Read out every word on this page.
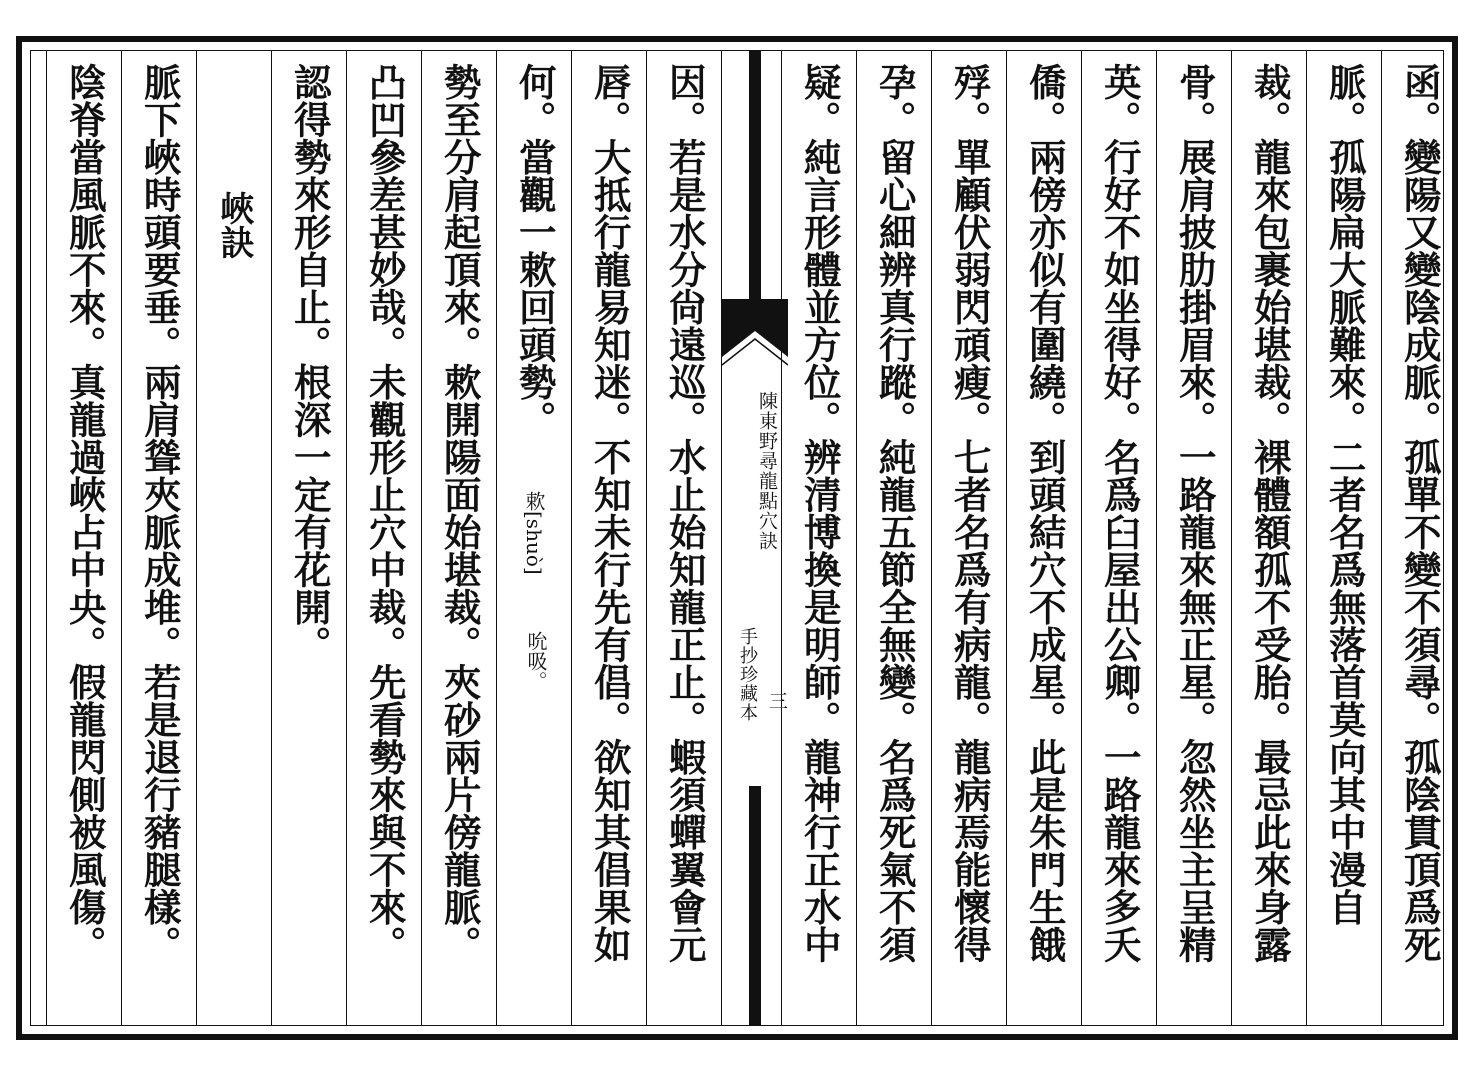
函。變陽又變陰成脈。孤單不變不須尋。孤陰貫頂爲死
脈。孤陽扁大脈難來。二者名爲無落首莫向其中漫自
裁。龍來包裹始堪裁。裸體額孤不受胎。最忌此來身露
骨。展肩披肋掛眉來。一路龍來無正星。忽然坐主呈精
英。行好不如坐得好。名爲臼屋出公卿。一路龍來多夭
僑。兩傍亦似有圍繞。到頭結穴不成星。此是朱門生餓
殍。單顧伏弱閃頑瘦。七者名爲有病龍。龍病焉能懷得
孕。留心細辨真行蹤。純龍五節全無變。名爲死氣不須
疑。純言形體並方位。辨清博換是明師。龍神行正水中
陳東野尋龍點穴訣
手抄珍藏本 三
因。若是水分尙遠巡。水止始知龍正止。蝦須蟬翼會元
唇。大抵行龍易知迷。不知未行先有倡。欲知其倡果如
何。當觀一欶回頭勢。
欶[shuò]
勢至分肩起頂來。欶開陽面始堪裁。夾砂兩片傍龍脈。
凸凹參差甚妙哉。未觀形止穴中裁。先看勢來與不來。
認得勢來形自止。根深一定有花開。
峽訣
脈下峽時頭要垂。兩肩聳夾脈成堆。若是退行豬腿樣。
陰脊當風脈不來。真龍過峽占中央。假龍閃側被風傷。	吮吸。
